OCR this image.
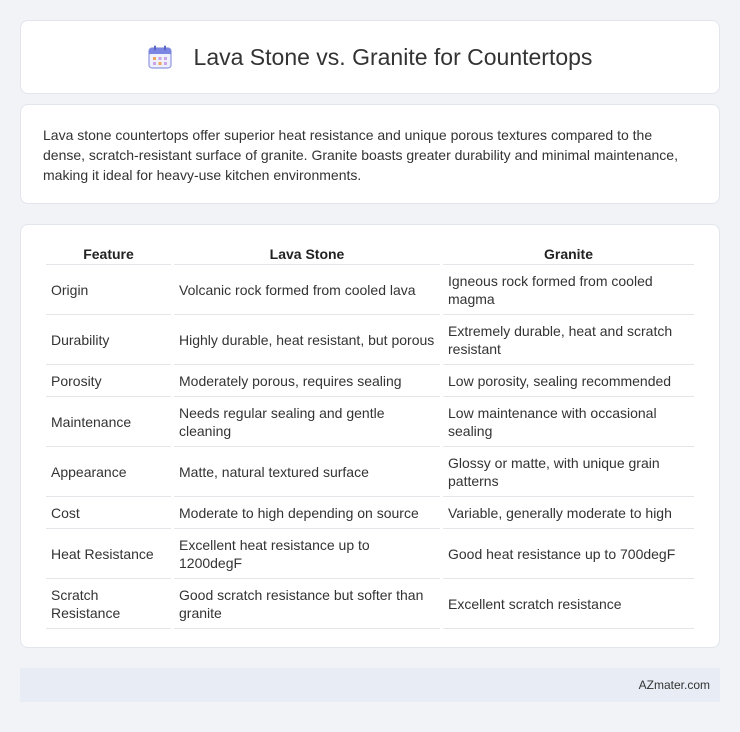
Lava Stone vs. Granite for Countertops

Lava stone countertops offer superior heat resistance and unique porous textures compared to the dense, scratch-resistant surface of granite. Granite boasts greater durability and minimal maintenance, making it ideal for heavy-use kitchen environments.

Feature	Lava Stone	Granite
Origin	Volcanic rock formed from cooled lava	Igneous rock formed from cooled magma
Durability	Highly durable, heat resistant, but porous	Extremely durable, heat and scratch resistant
Porosity	Moderately porous, requires sealing	Low porosity, sealing recommended
Maintenance	Needs regular sealing and gentle cleaning	Low maintenance with occasional sealing
Appearance	Matte, natural textured surface	Glossy or matte, with unique grain patterns
Cost	Moderate to high depending on source	Variable, generally moderate to high
Heat Resistance	Excellent heat resistance up to 1200degF	Good heat resistance up to 700degF
Scratch Resistance	Good scratch resistance but softer than granite	Excellent scratch resistance
AZmater.com
